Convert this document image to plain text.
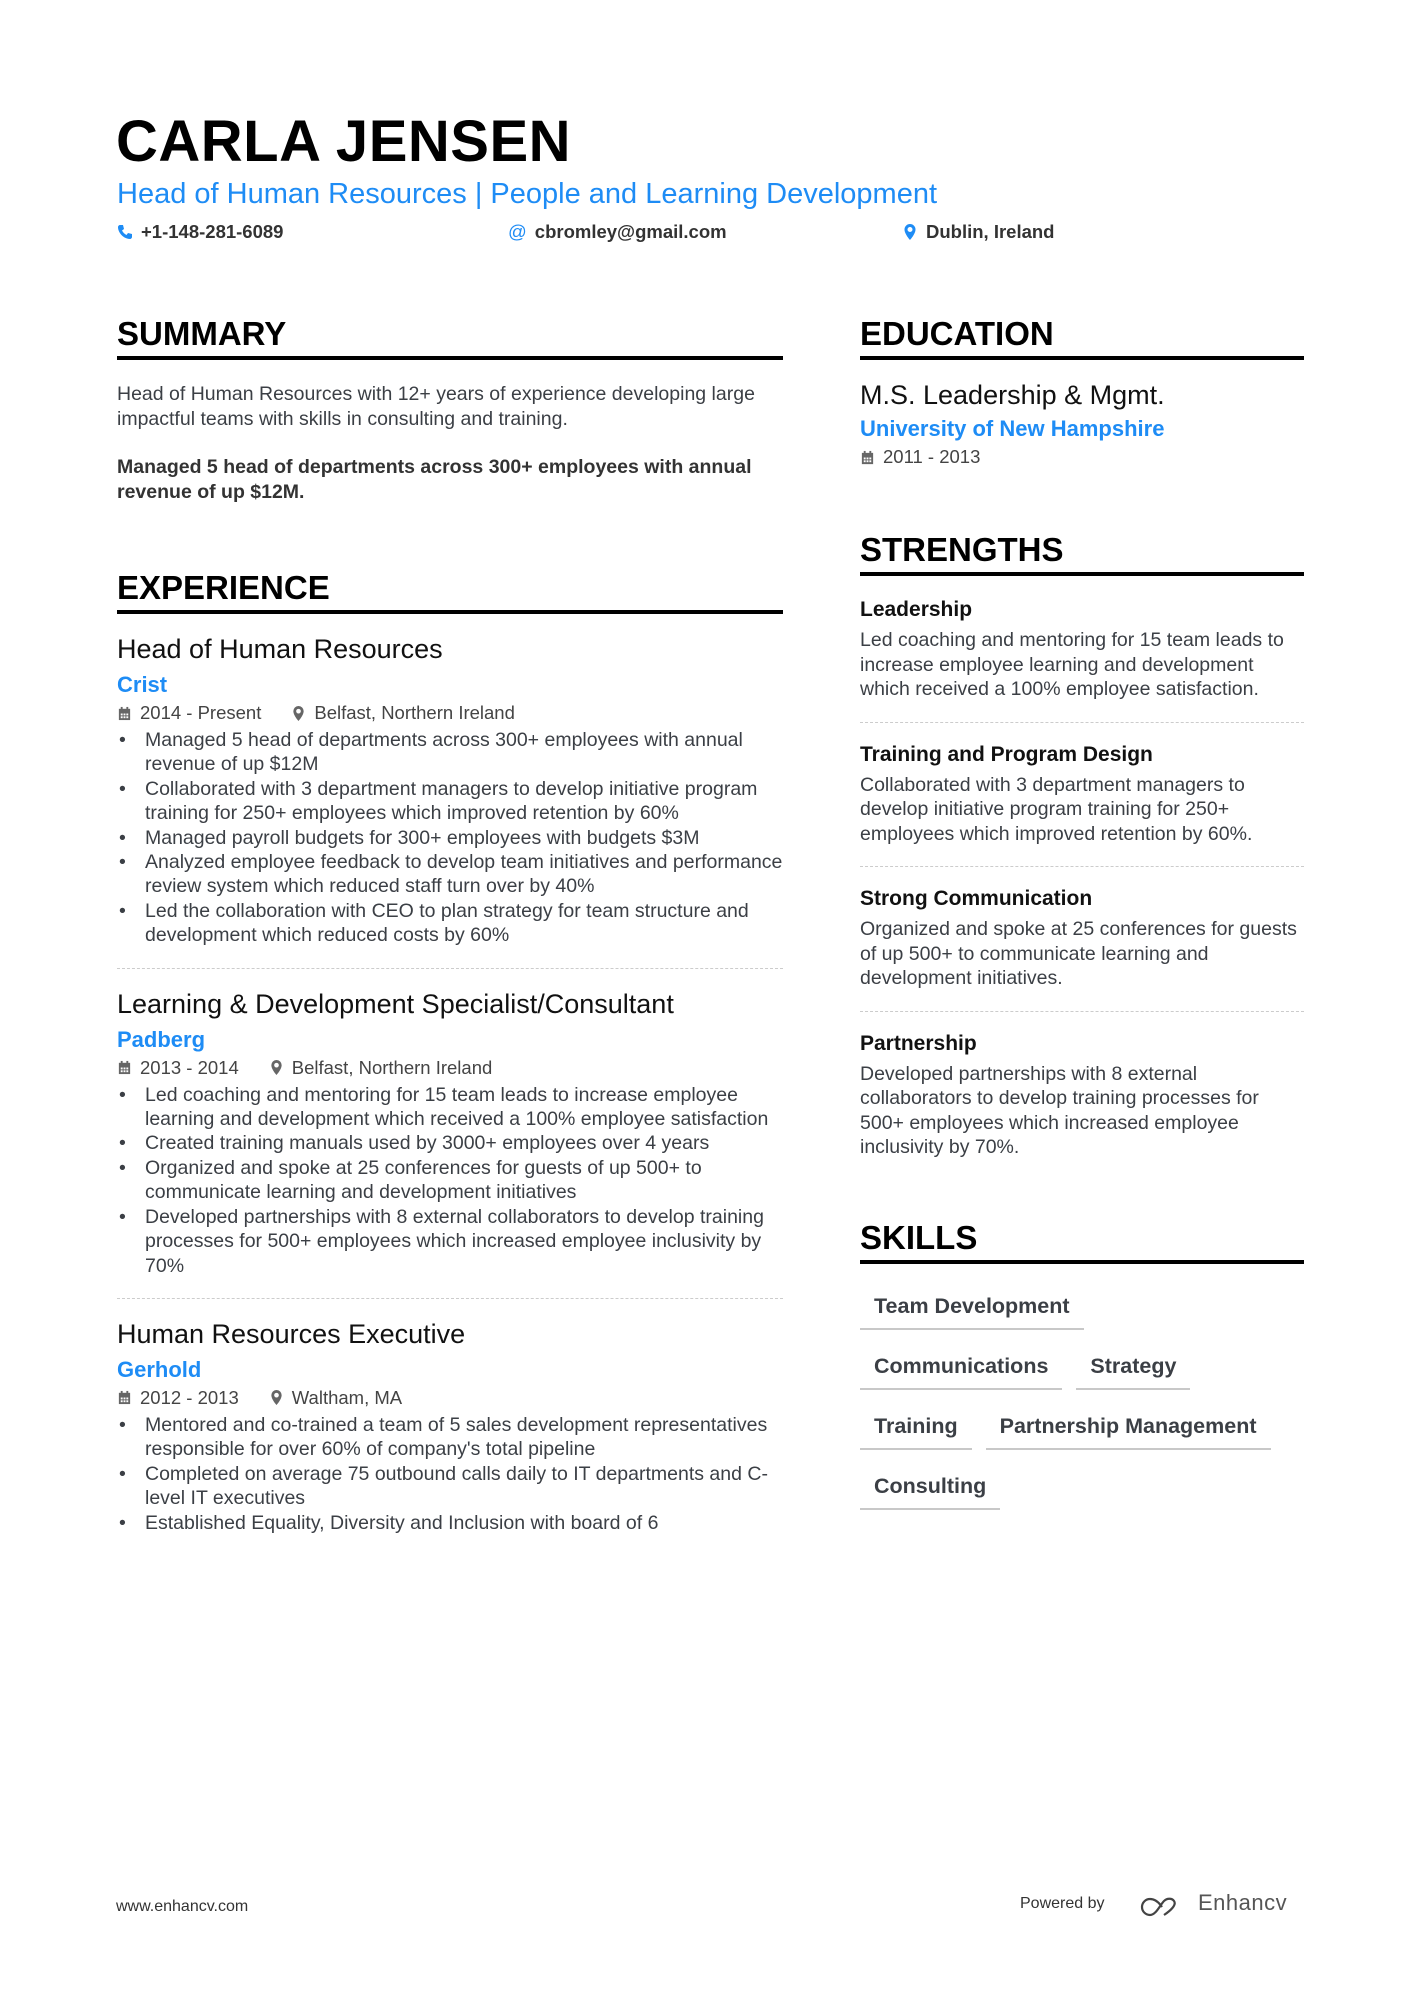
CARLA JENSEN
Head of Human Resources | People and Learning Development
+1-148-281-6089	@ cbromley@gmail.com	Dublin, Ireland
SUMMARY

Head of Human Resources with 12+ years of experience developing large impactful teams with skills in consulting and training.

Managed 5 head of departments across 300+ employees with annual revenue of up $12M.

EXPERIENCE
Head of Human Resources
Crist
2014 - Present	Belfast, Northern Ireland
• Managed 5 head of departments across 300+ employees with annual revenue of up $12M
• Collaborated with 3 department managers to develop initiative program training for 250+ employees which improved retention by 60%
• Managed payroll budgets for 300+ employees with budgets $3M
• Analyzed employee feedback to develop team initiatives and performance review system which reduced staff turn over by 40%
• Led the collaboration with CEO to plan strategy for team structure and development which reduced costs by 60%
Learning & Development Specialist/Consultant
Padberg
2013 - 2014	Belfast, Northern Ireland
• Led coaching and mentoring for 15 team leads to increase employee learning and development which received a 100% employee satisfaction
• Created training manuals used by 3000+ employees over 4 years
• Organized and spoke at 25 conferences for guests of up 500+ to communicate learning and development initiatives
• Developed partnerships with 8 external collaborators to develop training processes for 500+ employees which increased employee inclusivity by 70%
Human Resources Executive
Gerhold
2012 - 2013	Waltham, MA
• Mentored and co-trained a team of 5 sales development representatives responsible for over 60% of company's total pipeline
• Completed on average 75 outbound calls daily to IT departments and C-level IT executives
• Established Equality, Diversity and Inclusion with board of 6
EDUCATION
M.S. Leadership & Mgmt.
University of New Hampshire
2011 - 2013
STRENGTHS
Leadership

Led coaching and mentoring for 15 team leads to increase employee learning and development which received a 100% employee satisfaction.

Training and Program Design

Collaborated with 3 department managers to develop initiative program training for 250+ employees which improved retention by 60%.

Strong Communication

Organized and spoke at 25 conferences for guests of up 500+ to communicate learning and development initiatives.

Partnership

Developed partnerships with 8 external collaborators to develop training processes for 500+ employees which increased employee inclusivity by 70%.

SKILLS
Team Development
Communications	Strategy
Training	Partnership Management
Consulting
www.enhancv.com	Powered by	Enhancv
